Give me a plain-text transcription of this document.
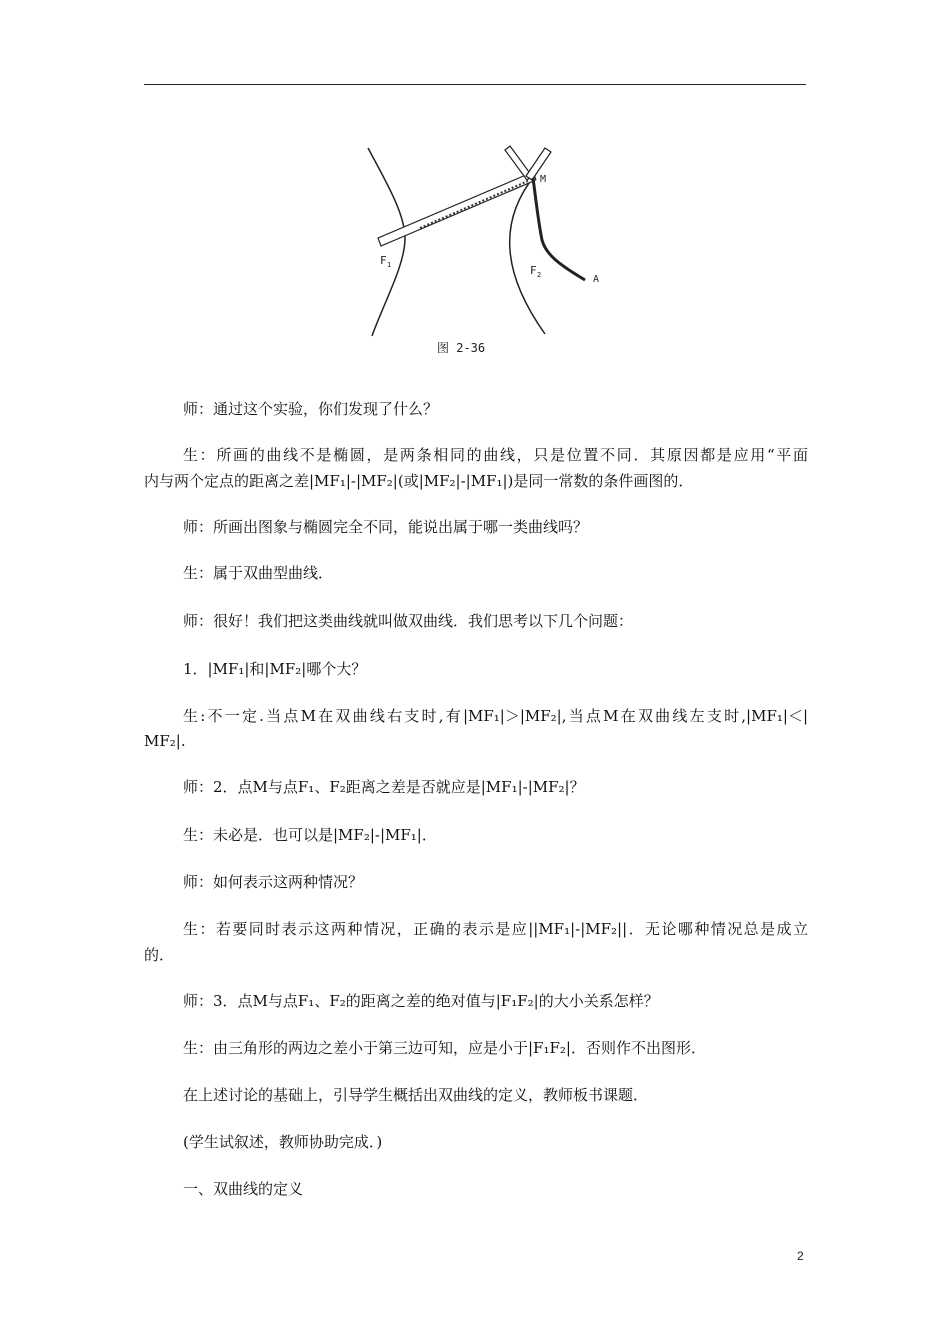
F 1	F 2
M
A
图 2-36
师：通过这个实验，你们发现了什么？
生：所画的曲线不是椭圆，是两条相同的曲线，只是位置不同．其原因都是应用“平面
内与两个定点的距离之差|MF₁|-|MF₂|(或|MF₂|-|MF₁|)是同一常数的条件画图的．
师：所画出图象与椭圆完全不同，能说出属于哪一类曲线吗？
生：属于双曲型曲线．
师：很好！我们把这类曲线就叫做双曲线．我们思考以下几个问题：
1．|MF₁|和|MF₂|哪个大？
生:不一定.当点M在双曲线右支时,有|MF₁|＞|MF₂|,当点M在双曲线左支时,|MF₁|＜|
MF₂|.
师：2．点M与点F₁、F₂距离之差是否就应是|MF₁|-|MF₂|？
生：未必是．也可以是|MF₂|-|MF₁|．
师：如何表示这两种情况？
生：若要同时表示这两种情况，正确的表示是应||MF₁|-|MF₂||．无论哪种情况总是成立
的．
师：3．点M与点F₁、F₂的距离之差的绝对值与|F₁F₂|的大小关系怎样？
生：由三角形的两边之差小于第三边可知，应是小于|F₁F₂|．否则作不出图形．
在上述讨论的基础上，引导学生概括出双曲线的定义，教师板书课题．
(学生试叙述，教师协助完成．)
一、双曲线的定义
2
